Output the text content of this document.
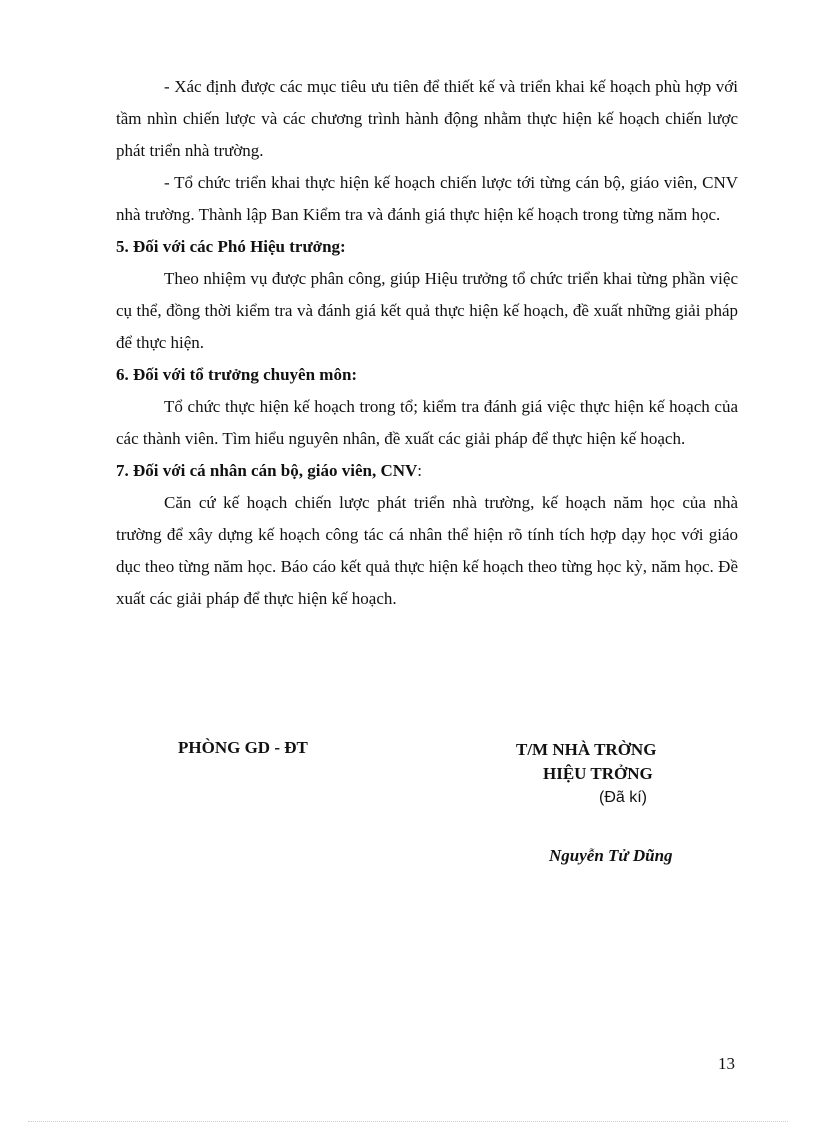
- Xác định được các mục tiêu ưu tiên để thiết kế và triển khai kế hoạch phù hợp với tầm nhìn chiến lược và các chương trình hành động nhằm thực hiện kế hoạch chiến lược phát triển nhà trường.

- Tổ chức triển khai thực hiện kế hoạch chiến lược tới từng cán bộ, giáo viên, CNV nhà trường. Thành lập Ban Kiểm tra và đánh giá thực hiện kế hoạch trong từng năm học.

5. Đối với các Phó Hiệu trưởng:

Theo nhiệm vụ được phân công, giúp Hiệu trưởng tổ chức triển khai từng phần việc cụ thể, đồng thời kiểm tra và đánh giá kết quả thực hiện kế hoạch, đề xuất những giải pháp để thực hiện.

6. Đối với tổ trưởng chuyên môn:

Tổ chức thực hiện kế hoạch trong tổ; kiểm tra đánh giá việc thực hiện kế hoạch của các thành viên. Tìm hiểu nguyên nhân, đề xuất các giải pháp để thực hiện kế hoạch.

7. Đối với cá nhân cán bộ, giáo viên, CNV:

Căn cứ kế hoạch chiến lược phát triển nhà trường, kế hoạch năm học của nhà trường để xây dựng kế hoạch công tác cá nhân thể hiện rõ tính tích hợp dạy học với giáo dục theo từng năm học. Báo cáo kết quả thực hiện kế hoạch theo từng học kỳ, năm học. Đề xuất các giải pháp để thực hiện kế hoạch.

PHÒNG GD - ĐT	T/M NHÀ TRỜNG
HIỆU TRỞNG
(Đã kí)
Nguyễn Tử Dũng
13
